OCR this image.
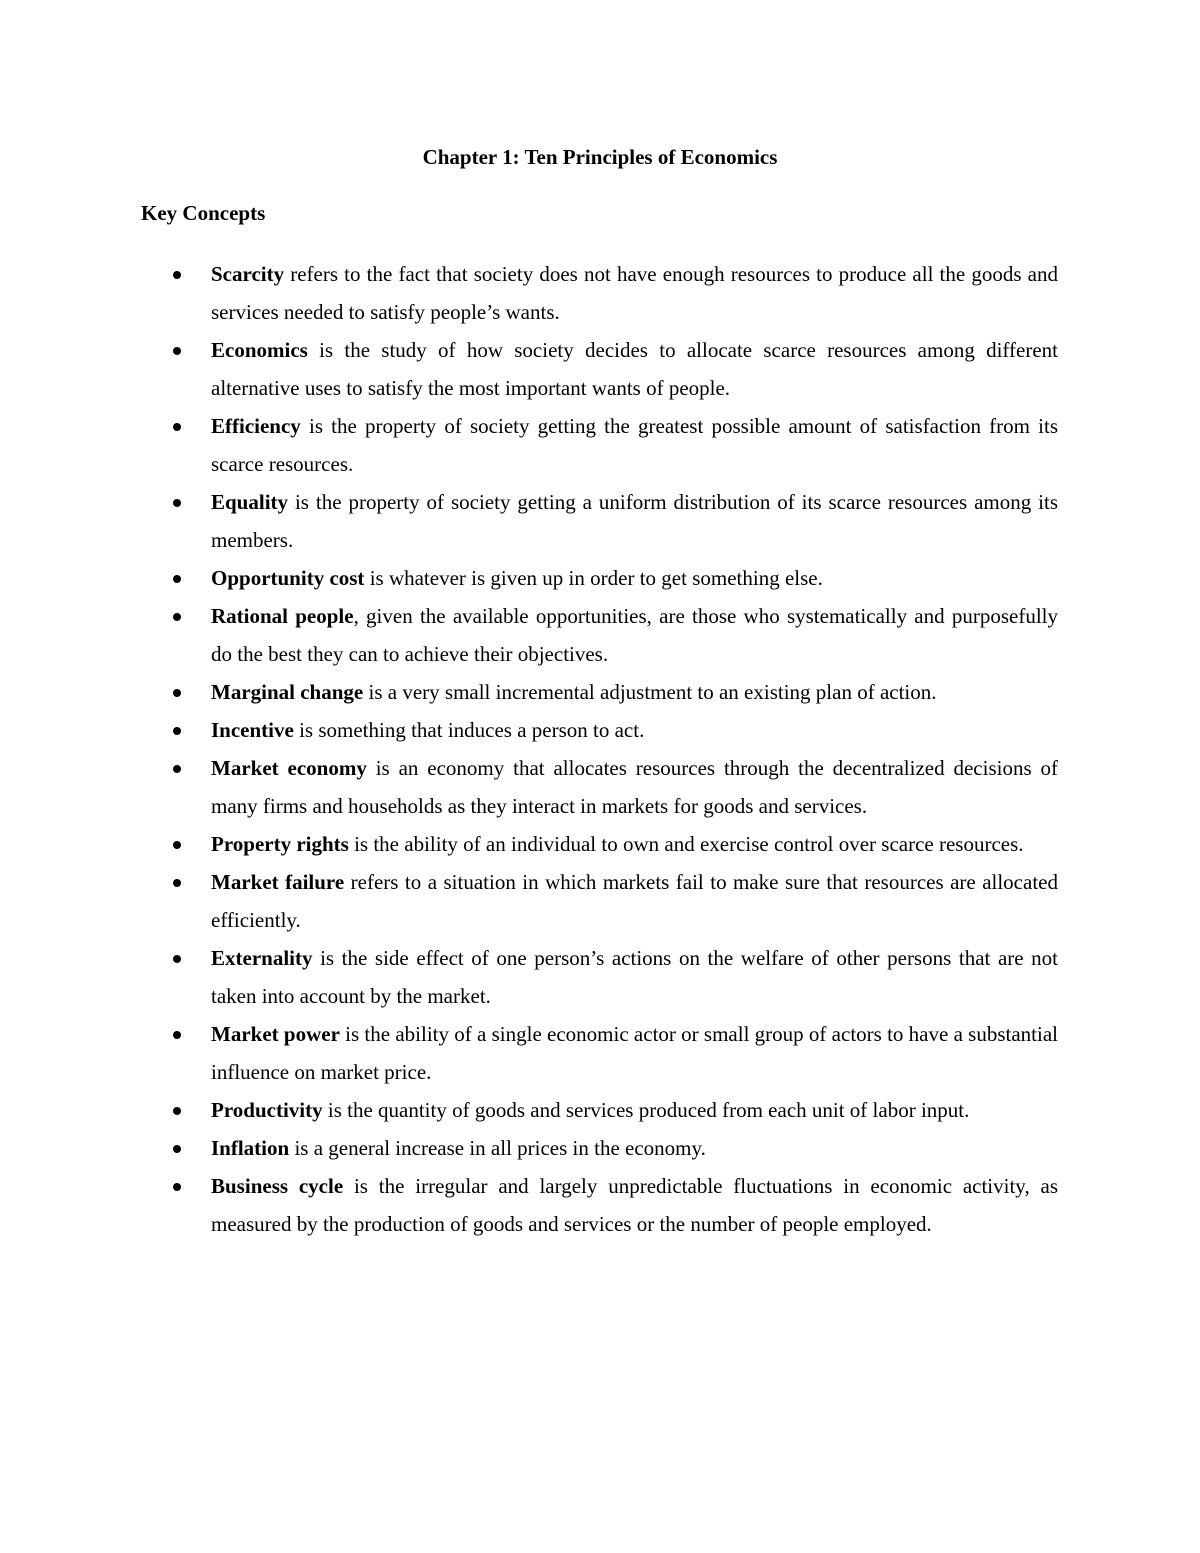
Chapter 1: Ten Principles of Economics
Key Concepts
Scarcity refers to the fact that society does not have enough resources to produce all the goods and services needed to satisfy people’s wants.
Economics is the study of how society decides to allocate scarce resources among different alternative uses to satisfy the most important wants of people.
Efficiency is the property of society getting the greatest possible amount of satisfaction from its scarce resources.
Equality is the property of society getting a uniform distribution of its scarce resources among its members.
Opportunity cost is whatever is given up in order to get something else.
Rational people, given the available opportunities, are those who systematically and purposefully do the best they can to achieve their objectives.
Marginal change is a very small incremental adjustment to an existing plan of action.
Incentive is something that induces a person to act.
Market economy is an economy that allocates resources through the decentralized decisions of many firms and households as they interact in markets for goods and services.
Property rights is the ability of an individual to own and exercise control over scarce resources.
Market failure refers to a situation in which markets fail to make sure that resources are allocated efficiently.
Externality is the side effect of one person’s actions on the welfare of other persons that are not taken into account by the market.
Market power is the ability of a single economic actor or small group of actors to have a substantial influence on market price.
Productivity is the quantity of goods and services produced from each unit of labor input.
Inflation is a general increase in all prices in the economy.
Business cycle is the irregular and largely unpredictable fluctuations in economic activity, as measured by the production of goods and services or the number of people employed.
